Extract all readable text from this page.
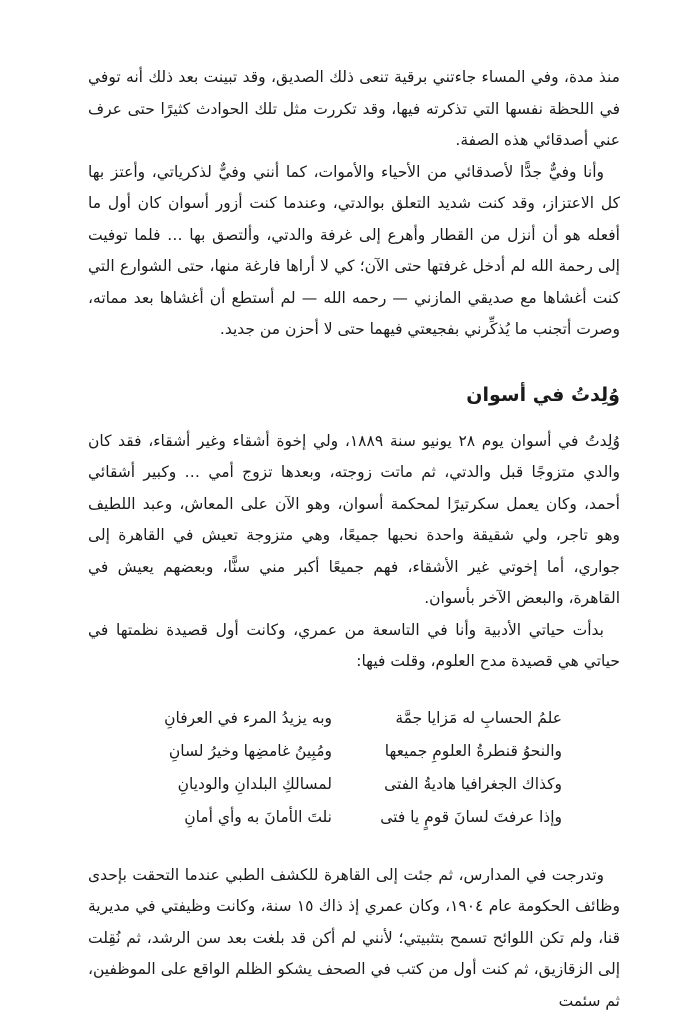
منذ مدة، وفي المساء جاءتني برقية تنعى ذلك الصديق، وقد تبينت بعد ذلك أنه توفي في اللحظة نفسها التي تذكرته فيها، وقد تكررت مثل تلك الحوادث كثيرًا حتى عرف عني أصدقائي هذه الصفة.

وأنا وفيٌّ جدًّا لأصدقائي من الأحياء والأموات، كما أنني وفيٌّ لذكرياتي، وأعتز بها كل الاعتزاز، وقد كنت شديد التعلق بوالدتي، وعندما كنت أزور أسوان كان أول ما أفعله هو أن أنزل من القطار وأهرع إلى غرفة والدتي، وألتصق بها … فلما توفيت إلى رحمة الله لم أدخل غرفتها حتى الآن؛ كي لا أراها فارغة منها، حتى الشوارع التي كنت أغشاها مع صديقي المازني — رحمه الله — لم أستطع أن أغشاها بعد مماته، وصرت أتجنب ما يُذكِّرني بفجيعتي فيهما حتى لا أحزن من جديد.

وُلِدتُ في أسوان

وُلِدتُ في أسوان يوم ٢٨ يونيو سنة ١٨٨٩، ولي إخوة أشقاء وغير أشقاء، فقد كان والدي متزوجًا قبل والدتي، ثم ماتت زوجته، وبعدها تزوج أمي … وكبير أشقائي أحمد، وكان يعمل سكرتيرًا لمحكمة أسوان، وهو الآن على المعاش، وعبد اللطيف وهو تاجر، ولي شقيقة واحدة نحبها جميعًا، وهي متزوجة تعيش في القاهرة إلى جواري، أما إخوتي غير الأشقاء، فهم جميعًا أكبر مني سنًّا، وبعضهم يعيش في القاهرة، والبعض الآخر بأسوان.

بدأت حياتي الأدبية وأنا في التاسعة من عمري، وكانت أول قصيدة نظمتها في حياتي هي قصيدة مدح العلوم، وقلت فيها:

علمُ الحسابِ له مَزايا جمَّة
وبه يزيدُ المرء في العرفانِ
والنحوُ قنطرةُ العلومِ جميعها
ومُبِينُ غامضِها وخيرُ لسانِ
وكذاك الجغرافيا هاديةُ الفتى
لمسالكِ البلدانِ والوديانِ
وإذا عرفتَ لسانَ قومٍ يا فتى
نلتَ الأمانَ به وأي أمانِ

وتدرجت في المدارس، ثم جئت إلى القاهرة للكشف الطبي عندما التحقت بإحدى وظائف الحكومة عام ١٩٠٤، وكان عمري إذ ذاك ١٥ سنة، وكانت وظيفتي في مديرية قنا، ولم تكن اللوائح تسمح بتثبيتي؛ لأنني لم أكن قد بلغت بعد سن الرشد، ثم نُقِلت إلى الزقازيق، ثم كنت أول من كتب في الصحف يشكو الظلم الواقع على الموظفين، ثم سئمت
